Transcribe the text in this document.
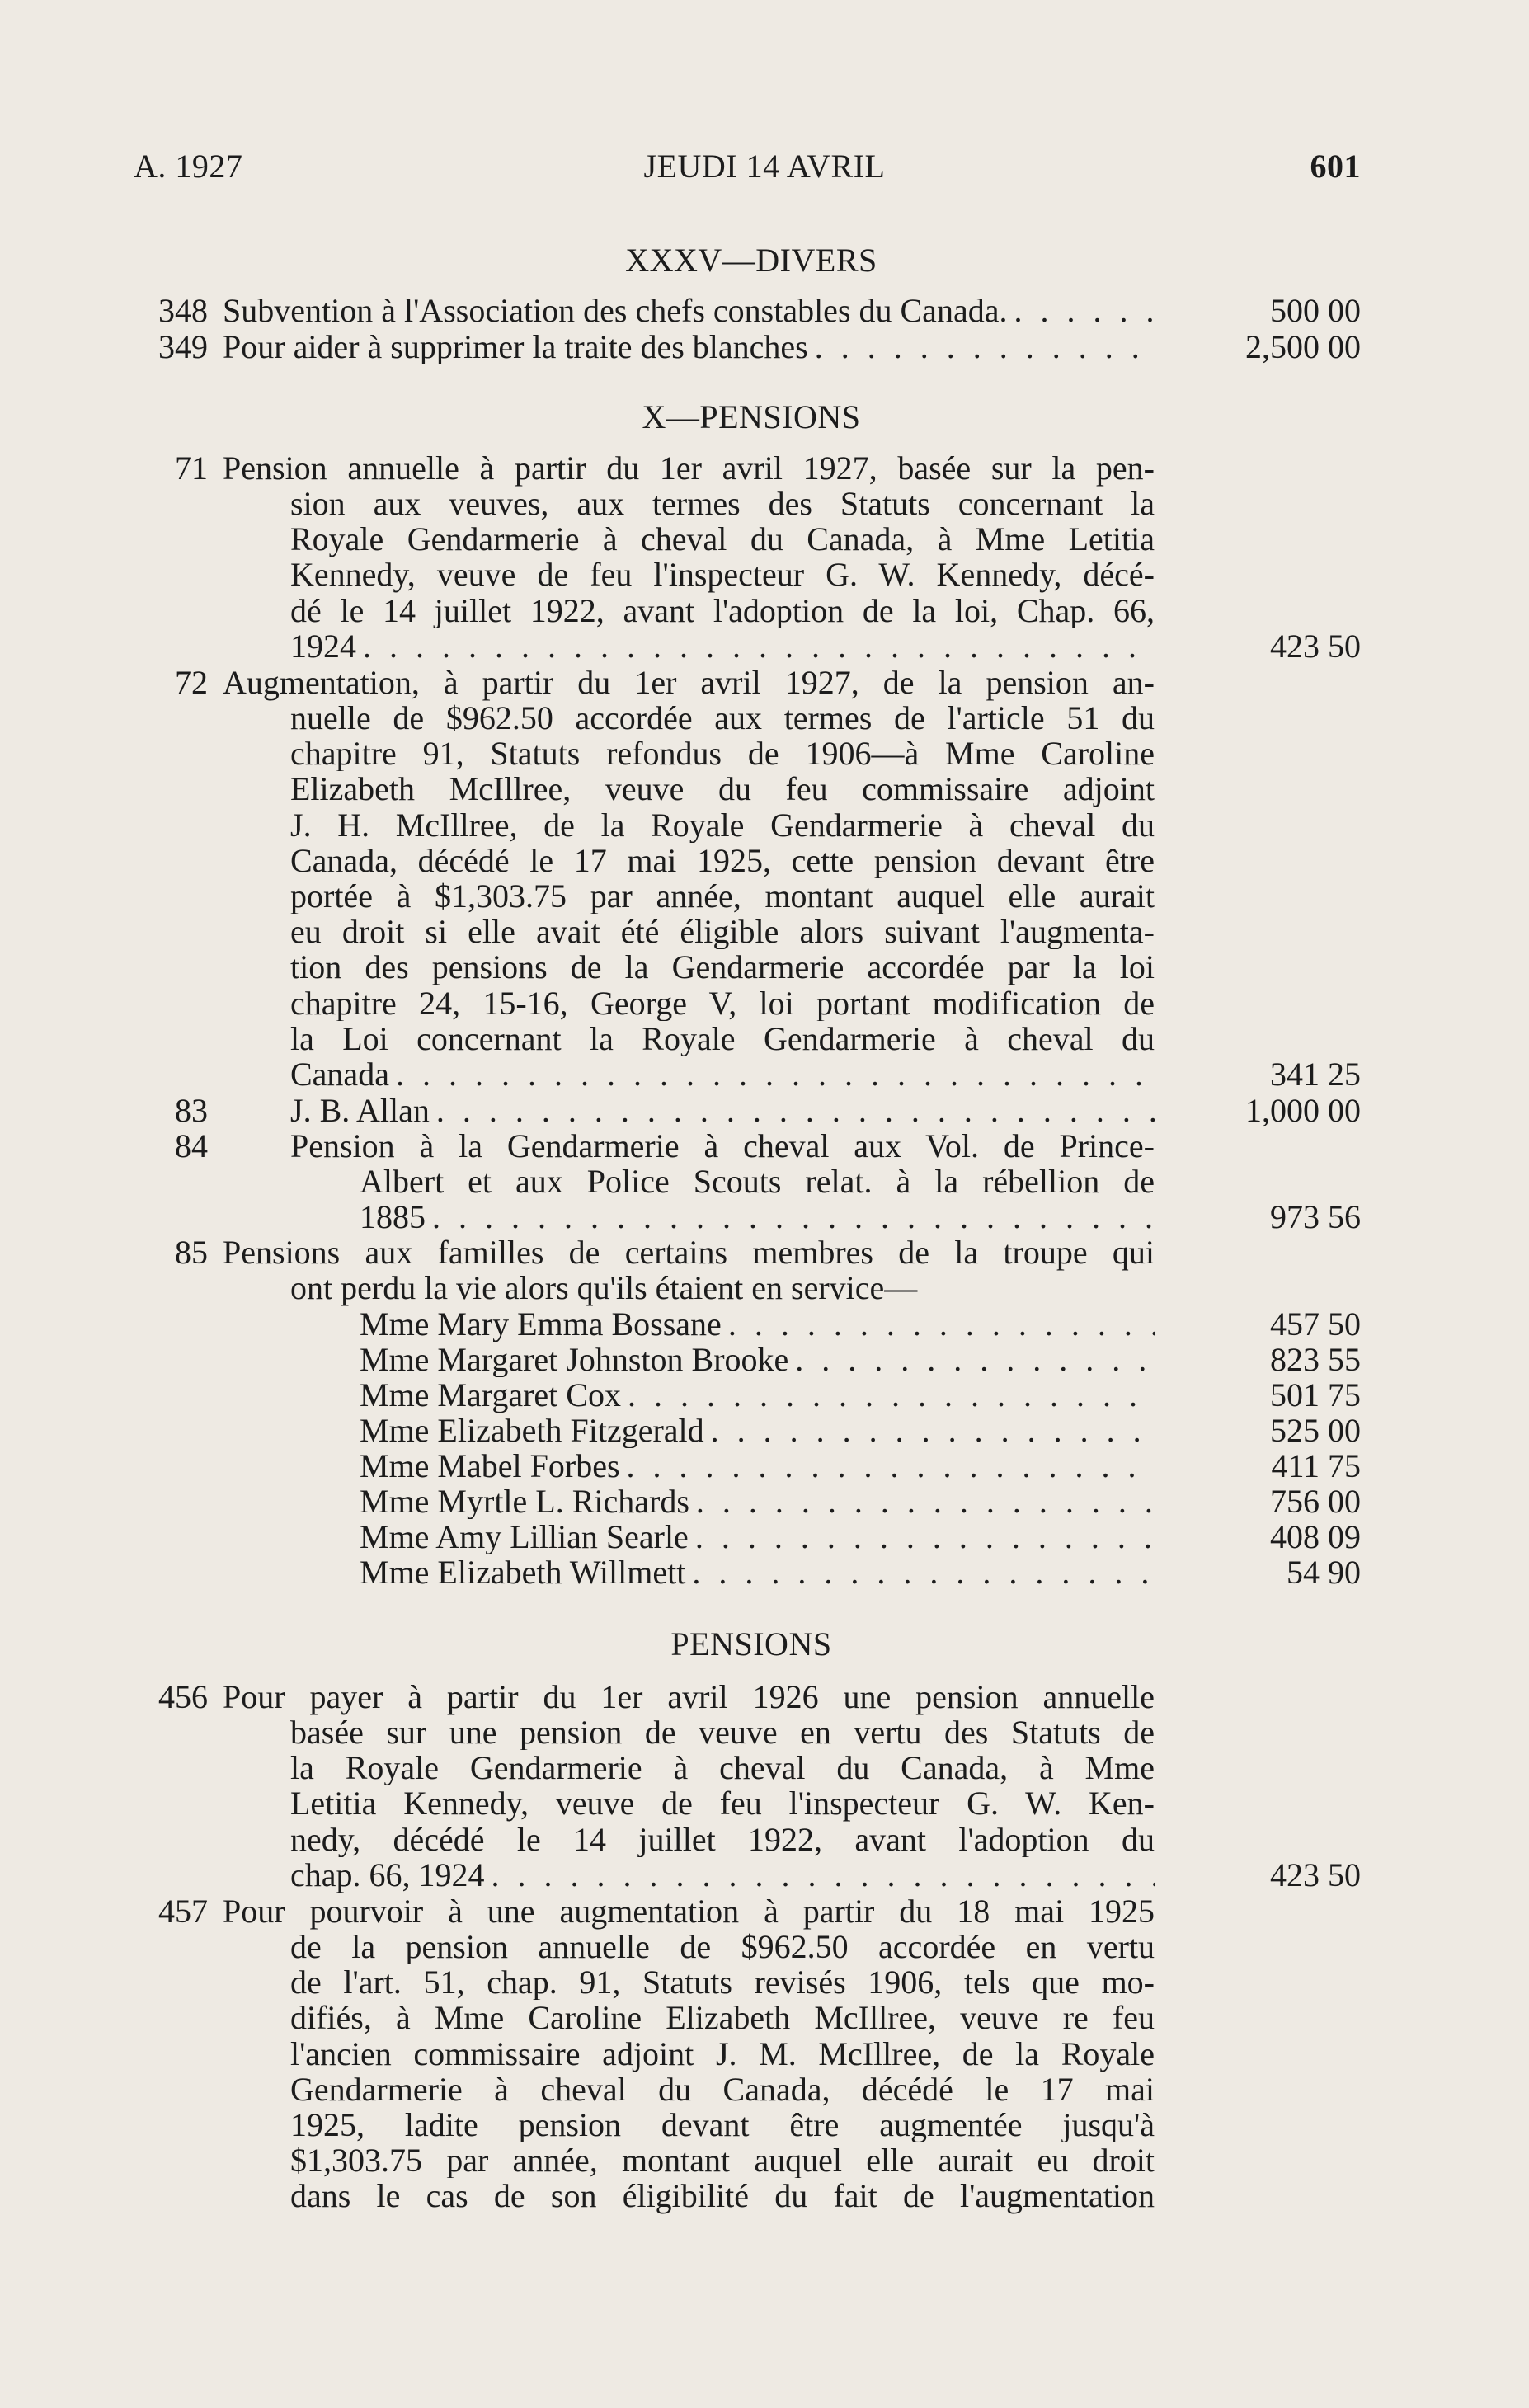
A. 1927	JEUDI 14 AVRIL	601
XXXV—DIVERS
348 Subvention à l'Association des chefs constables du Canada. . . .	500 00
349 Pour aider à supprimer la traite des blanches . . .	2,500 00
X—PENSIONS
71 Pension annuelle à partir du 1er avril 1927, basée sur la pen-
sion aux veuves, aux termes des Statuts concernant la
Royale Gendarmerie à cheval du Canada, à Mme Letitia
Kennedy, veuve de feu l'inspecteur G. W. Kennedy, décé-
dé le 14 juillet 1922, avant l'adoption de la loi, Chap. 66,
1924 . . .	423 50
72 Augmentation, à partir du 1er avril 1927, de la pension an-
nuelle de $962.50 accordée aux termes de l'article 51 du
chapitre 91, Statuts refondus de 1906—à Mme Caroline
Elizabeth McIllree, veuve du feu commissaire adjoint
J. H. McIllree, de la Royale Gendarmerie à cheval du
Canada, décédé le 17 mai 1925, cette pension devant être
portée à $1,303.75 par année, montant auquel elle aurait
eu droit si elle avait été éligible alors suivant l'augmenta-
tion des pensions de la Gendarmerie accordée par la loi
chapitre 24, 15-16, George V, loi portant modification de
la Loi concernant la Royale Gendarmerie à cheval du
Canada . . .	341 25
83	J. B. Allan . . .	1,000 00
84	Pension à la Gendarmerie à cheval aux Vol. de Prince-
Albert et aux Police Scouts relat. à la rébellion de
1885 . . .	973 56
85 Pensions aux familles de certains membres de la troupe qui
ont perdu la vie alors qu'ils étaient en service—
Mme Mary Emma Bossane . . .	457 50
Mme Margaret Johnston Brooke . . .	823 55
Mme Margaret Cox . . .	501 75
Mme Elizabeth Fitzgerald . . .	525 00
Mme Mabel Forbes . . .	411 75
Mme Myrtle L. Richards . . .	756 00
Mme Amy Lillian Searle . . .	408 09
Mme Elizabeth Willmett . . .	54 90
PENSIONS
456 Pour payer à partir du 1er avril 1926 une pension annuelle
basée sur une pension de veuve en vertu des Statuts de
la Royale Gendarmerie à cheval du Canada, à Mme
Letitia Kennedy, veuve de feu l'inspecteur G. W. Ken-
nedy, décédé le 14 juillet 1922, avant l'adoption du
chap. 66, 1924 . . .	423 50
457 Pour pourvoir à une augmentation à partir du 18 mai 1925
de la pension annuelle de $962.50 accordée en vertu
de l'art. 51, chap. 91, Statuts revisés 1906, tels que mo-
difiés, à Mme Caroline Elizabeth McIllree, veuve re feu
l'ancien commissaire adjoint J. M. McIllree, de la Royale
Gendarmerie à cheval du Canada, décédé le 17 mai
1925, ladite pension devant être augmentée jusqu'à
$1,303.75 par année, montant auquel elle aurait eu droit
dans le cas de son éligibilité du fait de l'augmentation
